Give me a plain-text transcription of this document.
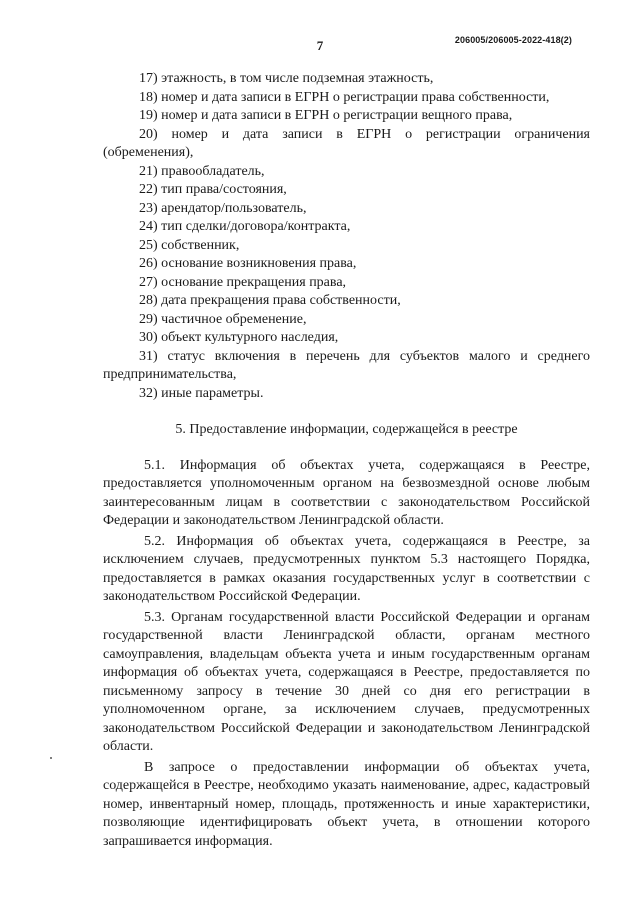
7	206005/206005-2022-418(2)

17) этажность, в том числе подземная этажность,

18) номер и дата записи в ЕГРН о регистрации права собственности,

19) номер и дата записи в ЕГРН о регистрации вещного права,

20) номер и дата записи в ЕГРН о регистрации ограничения (обременения),

21) правообладатель,

22) тип права/состояния,

23) арендатор/пользователь,

24) тип сделки/договора/контракта,

25) собственник,

26) основание возникновения права,

27) основание прекращения права,

28) дата прекращения права собственности,

29) частичное обременение,

30) объект культурного наследия,

31) статус включения в перечень для субъектов малого и среднего предпринимательства,

32) иные параметры.

5. Предоставление информации, содержащейся в реестре

5.1. Информация об объектах учета, содержащаяся в Реестре, предоставляется уполномоченным органом на безвозмездной основе любым заинтересованным лицам в соответствии с законодательством Российской Федерации и законодательством Ленинградской области.

5.2. Информация об объектах учета, содержащаяся в Реестре, за исключением случаев, предусмотренных пунктом 5.3 настоящего Порядка, предоставляется в рамках оказания государственных услуг в соответствии с законодательством Российской Федерации.

5.3. Органам государственной власти Российской Федерации и органам государственной власти Ленинградской области, органам местного самоуправления, владельцам объекта учета и иным государственным органам информация об объектах учета, содержащаяся в Реестре, предоставляется по письменному запросу в течение 30 дней со дня его регистрации в уполномоченном органе, за исключением случаев, предусмотренных законодательством Российской Федерации и законодательством Ленинградской области.

В запросе о предоставлении информации об объектах учета, содержащейся в Реестре, необходимо указать наименование, адрес, кадастровый номер, инвентарный номер, площадь, протяженность и иные характеристики, позволяющие идентифицировать объект учета, в отношении которого запрашивается информация.
